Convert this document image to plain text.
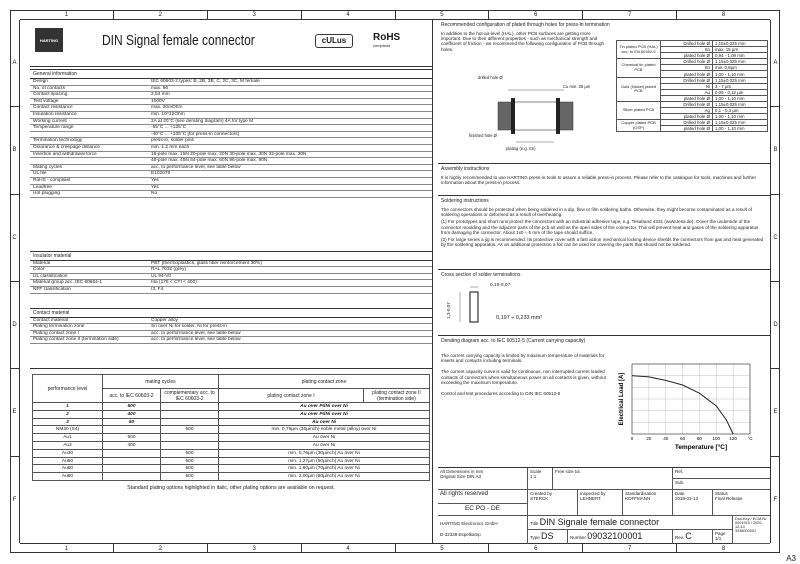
1	2	3	4	5	6	7	8
1	2	3	4	5	6	7	8
A
B
C
D
E
F
A
B
C
D
E
F
A3
HARTING	DIN Signal female connector	cULus	RoHS
compliant
General information
Design	IEC 60603-2 types: B, 2B, 3B, C, 2C, 3C, M female
No. of contacts	max. 96
Contact spacing	2,54 mm
Test voltage	1000V
Contact resistance	max. 20mOhm
Insulation resistance	min. 10^12Ohm
Working current	2A at 20°C (see derating diagram) 4A for type M
Temperature range	-55°C ... +125°C
	-40°C ... +105°C [for press-in connectors]
Termination technology	press-in, solder pins
Clearance & creepage distance	min. 1.2 mm each
Insertion and withdrawal force	16-pole max. 15N 20-pole max. 20N 30-pole max. 30N 32-pole max. 30N
	48-pole max. 45N 64-pole max. 60N 96-pole max. 90N
Mating cycles	acc. to performance level, see table below
UL file	E102079
RoHS - compliant	Yes
Leadfree	Yes
Hot plugging	No
Insulator material
Material	PBT (thermoplastics, glass fiber reinforcement 30%)
Color	RAL 7032 (grey)
UL classification	UL 94-V0
Material group acc. IEC 60664-1	IIIa (175 < CTI < 400)
NFF classification	I3, F4
Contact material
Contact material	Copper alloy
Plating termination zone	Sn over Ni for solder, Ni for press-in
Plating contact zone I	acc. to performance level, see table below
Plating contact zone II (termination side)	acc. to performance level, see table below
performance level	mating cycles		plating contact zone	
	acc. to IEC 60603-2	complementary acc. to IEC 60603-2	plating contact zone I	plating contact zone II (termination side)
1	500		Au over PdNi over Ni	
2	400		Au over PdNi over Ni	
3	50		Au over Ni	
NM30 (S4)		500	min. 0,76µm (30µinch) noble metal (alloy) over Ni	
Au1	500		Au over Ni	
Au2	400		Au over Ni	
Au30		500	min. 0,76µm (30µinch) Au over Ni	
Au50		500	min. 1,27µm (50µinch) Au over Ni	
Au60		500	min. 1,60µm (70µinch) Au over Ni	
Au80		500	min. 2,00µm (80µinch) Au over Ni	
Standard plating options highlighted in italic, other plating options are available on request.
Recommended configuration of plated through holes for press-in termination

In addition to the hot-air-level (HAL), other PCB surfaces are getting more important. Due to their different properties - such as mechanical strength and coefficient of friction - we recommend the following configuration of PCB through holes.

drilled hole Ø
Cu min. 25 µm
finished hole Ø
plating (e.g. Sn)
Tin plated PCB (HAL) acc. to EN 60352-5	Drilled hole Ø	1,15±0,025 mm
	Sn	max. 15 µm
	plated hole Ø	0,94 - 1,09 mm
Chemical tin plated PCB	Drilled hole Ø	1,15±0,025 mm
	Sn	min. 0,8µm
	plated hole Ø	1,00 - 1,10 mm
Gold (Nickel) plated PCB	Drilled hole Ø	1,15±0,025 mm
	Ni	3 - 7 µm
	Au	0,05 - 0,12 µm
	plated hole Ø	1,00 - 1,10 mm
Silver plated PCB	Drilled hole Ø	1,15±0,025 mm
	Ag	0,1 - 0,3 µm
	plated hole Ø	1,00 - 1,10 mm
Copper plated PCB (OSP)	Drilled hole Ø	1,15±0,025 mm
	plated hole Ø	1,00 - 1,10 mm
Assembly instructions

It is highly recommended to use HARTING press-in tools to assure a reliable press-in process. Please refer to the catalogue for tools, machines and further information about the press-in process.

Soldering instructions

The connectors should be protected when being soldered in a dip, flow or film soldering baths. Otherwise, they might become contaminated as a result of soldering operations or deformed as a result of overheating.

(1) For prototypes and short runs protect the connectors with an industrial adhesive tape, e.g. Tesaband 4331 (www.tesa.de). Cover the underside of the connector moulding and the adjacent parts of the pcb as well as the open sides of the connector. This will prevent heat and gases of the soldering apparatus from damaging the connector. About 1x0 ÷ 5 mm of the tape should suffice.

(2) For large series a jig is recommended. Its protective cover with a fast action mechanical locking device shields the connectors from gas and heat generated by the soldering apparatus. As an additional protection a foil can be used for covering the parts that should not be soldered.

Cross section of solder terminations
0,15-0,07
1,3-0,07	0,197 ÷ 0,233 mm²
Derating diagram acc. to IEC 60512-5 (Current carrying capacity)

The current carrying capacity is limited by maximum temperature of materials for inserts and contacts including terminals.

The current capacity curve is valid for continuous, non interrupted current loaded contacts of connectors when simultaneous power on all contacts is given, without exceeding the maximum temperature.

Control and test procedures according to DIN IEC 60512-5

0	20	40	60	80 100 120 °C
Temperature [°C]
Electrical Load [A]
All Dimensions in mm
Original Size DIN A3
Scale
1:1
Free size tol.	Ref.
Sub.
All rights reserved	Created by
STERCK
Inspected by
LEHNERT
Standardisation
KOFFMANN
Date
2018-03-13
Status
Final Release
EC PO - DE
HARTING Electronics GmbH
D-32339 Espelkamp
Title DIN Signale female connector	Doc-Key / ECM-Nr.
0001919 / 2020-12-14
3338000001
Type DS	Number 09032100001	Rev. C	Page
1/1
